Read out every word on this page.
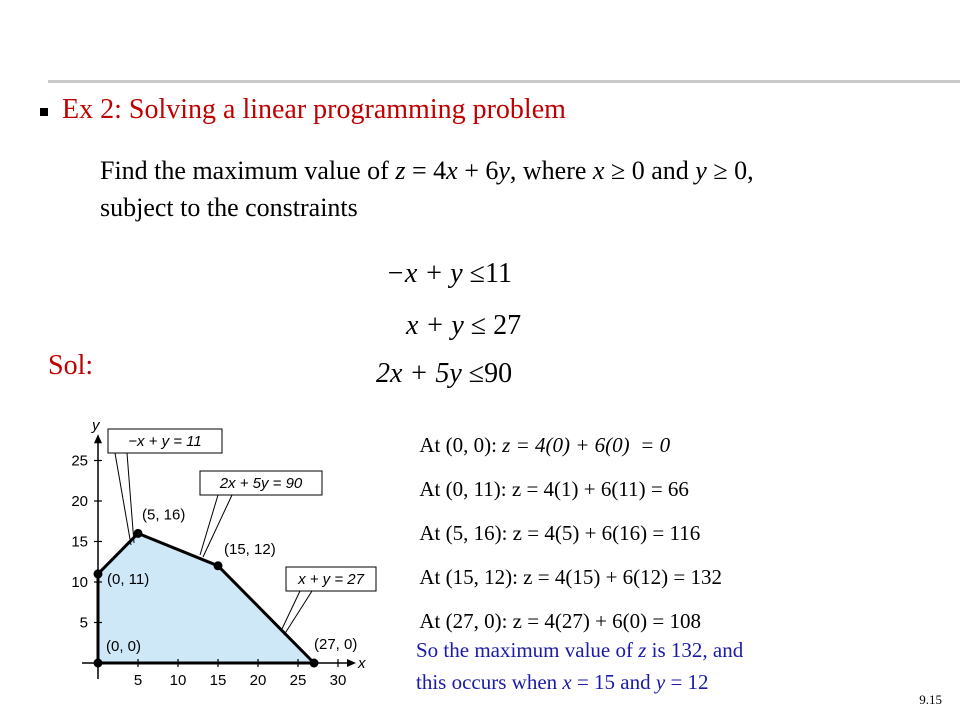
Ex 2: Solving a linear programming problem
Find the maximum value of z = 4x + 6y, where x ≥ 0 and y ≥ 0,
subject to the constraints

−x + y ≤11

x + y ≤ 27

2x + 5y ≤90

Sol:
y
x
5 10 15 20 25 30
5
10
15
20
25
−x + y = 11
2x + 5y = 90
x + y = 27
(0, 0)
(0, 11)
(5, 16)
(15, 12)
(27, 0)

At (0, 0): z = 4(0) + 6(0)  = 0

At (0, 11): z = 4(1) + 6(11) = 66

At (5, 16): z = 4(5) + 6(16) = 116

At (15, 12): z = 4(15) + 6(12) = 132

At (27, 0): z = 4(27) + 6(0) = 108

So the maximum value of z is 132, and
this occurs when x = 15 and y = 12
9.15
